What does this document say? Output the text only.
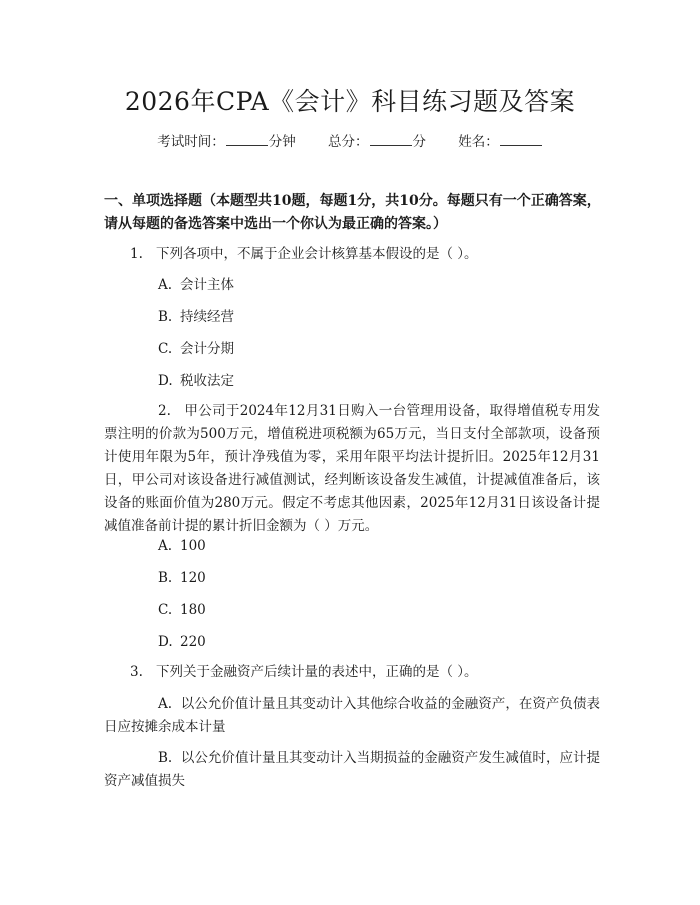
2026年CPA《会计》科目练习题及答案
考试时间：	分钟 总分：	分 姓名：
一、单项选择题（本题型共10题，每题1分，共10分。每题只有一个正确答案，请从每题的备选答案中选出一个你认为最正确的答案。）
1. 下列各项中，不属于企业会计核算基本假设的是（ ）。
A. 会计主体
B. 持续经营
C. 会计分期
D. 税收法定
2. 甲公司于2024年12月31日购入一台管理用设备，取得增值税专用发票注明的价款为500万元，增值税进项税额为65万元，当日支付全部款项，设备预计使用年限为5年，预计净残值为零，采用年限平均法计提折旧。2025年12月31日，甲公司对该设备进行减值测试，经判断该设备发生减值，计提减值准备后，该设备的账面价值为280万元。假定不考虑其他因素，2025年12月31日该设备计提减值准备前计提的累计折旧金额为（ ）万元。
A. 100
B. 120
C. 180
D. 220
3. 下列关于金融资产后续计量的表述中，正确的是（ ）。
A. 以公允价值计量且其变动计入其他综合收益的金融资产，在资产负债表日应按摊余成本计量
B. 以公允价值计量且其变动计入当期损益的金融资产发生减值时，应计提资产减值损失
